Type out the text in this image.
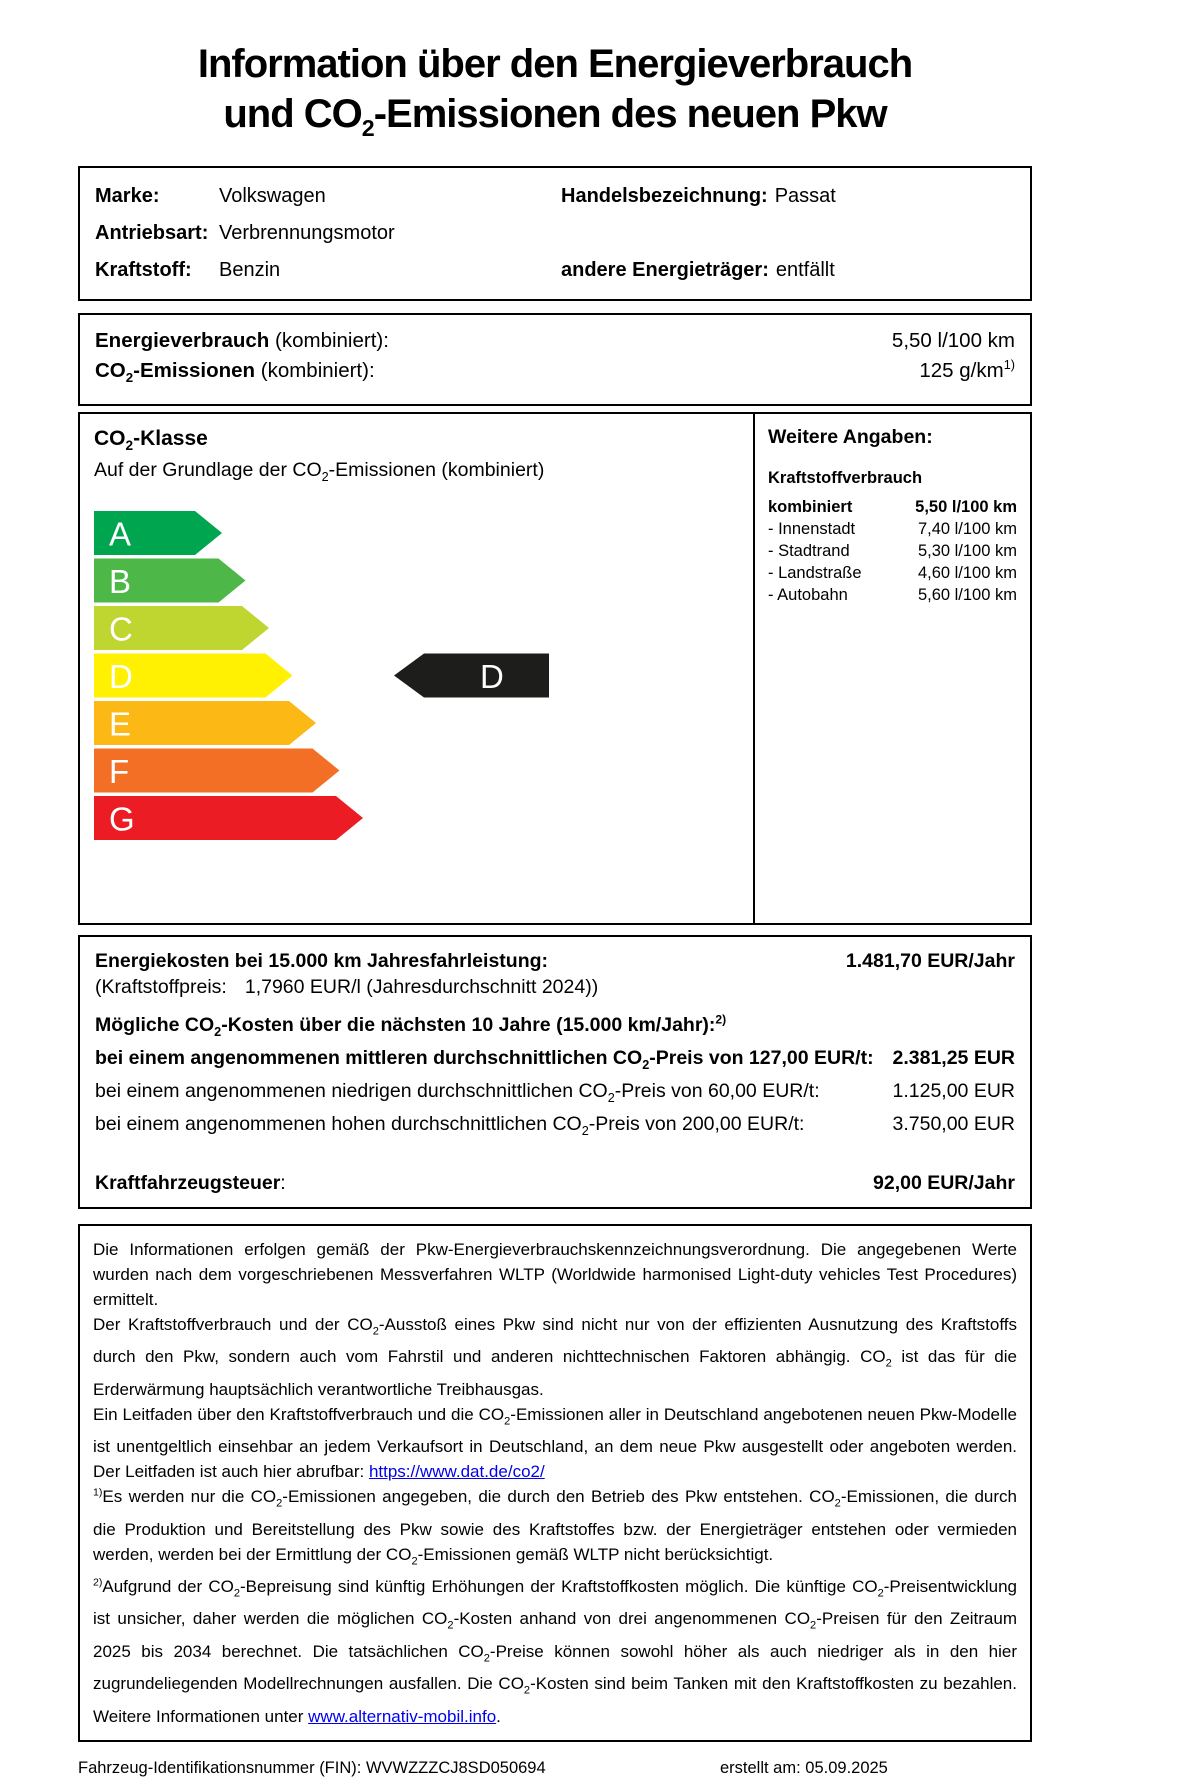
Information über den Energieverbrauch
und $CO_2$-Emissionen des neuen Pkw
Marke:	Volkswagen	Handelsbezeichnung: Passat
Antriebsart: Verbrennungsmotor
Kraftstoff: Benzin	andere Energieträger: entfällt
Energieverbrauch (kombiniert):	5,50 l/100 km
$CO_2$-Emissionen (kombiniert):	125 $g/km^{1)}$
$CO_2$-Klasse
Auf der Grundlage der $CO_2$-Emissionen (kombiniert)
A
B
C
D	D
E
F
G
Weitere Angaben:
Kraftstoffverbrauch
kombiniert	5,50 l/100 km
- Innenstadt	7,40 l/100 km
- Stadtrand	5,30 l/100 km
- Landstraße	4,60 l/100 km
- Autobahn	5,60 l/100 km
Energiekosten bei 15.000 km Jahresfahrleistung:	1.481,70 EUR/Jahr
(Kraftstoffpreis: 1,7960 EUR/l (Jahresdurchschnitt 2024))
Mögliche $CO_2$-Kosten über die nächsten 10 Jahre (15.000 km/Jahr):$^{2)}$
bei einem angenommenen mittleren durchschnittlichen $CO_2$-Preis von 127,00 EUR/t: 2.381,25 EUR
bei einem angenommenen niedrigen durchschnittlichen $CO_2$-Preis von 60,00 EUR/t:	1.125,00 EUR
bei einem angenommenen hohen durchschnittlichen $CO_2$-Preis von 200,00 EUR/t:	3.750,00 EUR
Kraftfahrzeugsteuer:	92,00 EUR/Jahr

Die Informationen erfolgen gemäß der Pkw-Energieverbrauchskennzeichnungsverordnung. Die angegebenen Werte wurden nach dem vorgeschriebenen Messverfahren WLTP (Worldwide harmonised Light-duty vehicles Test Procedures) ermittelt.

Der Kraftstoffverbrauch und der $CO_2$-Ausstoß eines Pkw sind nicht nur von der effizienten Ausnutzung des Kraftstoffs durch den Pkw, sondern auch vom Fahrstil und anderen nichttechnischen Faktoren abhängig. $CO_2$ ist das für die Erderwärmung hauptsächlich verantwortliche Treibhausgas.

Ein Leitfaden über den Kraftstoffverbrauch und die $CO_2$-Emissionen aller in Deutschland angebotenen neuen Pkw-Modelle ist unentgeltlich einsehbar an jedem Verkaufsort in Deutschland, an dem neue Pkw ausgestellt oder angeboten werden. Der Leitfaden ist auch hier abrufbar: https://www.dat.de/co2/

$^{1)}$Es werden nur die $CO_2$-Emissionen angegeben, die durch den Betrieb des Pkw entstehen. $CO_2$-Emissionen, die durch die Produktion und Bereitstellung des Pkw sowie des Kraftstoffes bzw. der Energieträger entstehen oder vermieden werden, werden bei der Ermittlung der $CO_2$-Emissionen gemäß WLTP nicht berücksichtigt.

$^{2)}$Aufgrund der $CO_2$-Bepreisung sind künftig Erhöhungen der Kraftstoffkosten möglich. Die künftige $CO_2$-Preisentwicklung ist unsicher, daher werden die möglichen $CO_2$-Kosten anhand von drei angenommenen $CO_2$-Preisen für den Zeitraum 2025 bis 2034 berechnet. Die tatsächlichen $CO_2$-Preise können sowohl höher als auch niedriger als in den hier zugrundeliegenden Modellrechnungen ausfallen. Die $CO_2$-Kosten sind beim Tanken mit den Kraftstoffkosten zu bezahlen. Weitere Informationen unter www.alternativ-mobil.info.

Fahrzeug-Identifikationsnummer (FIN): WVWZZZCJ8SD050694	erstellt am: 05.09.2025
